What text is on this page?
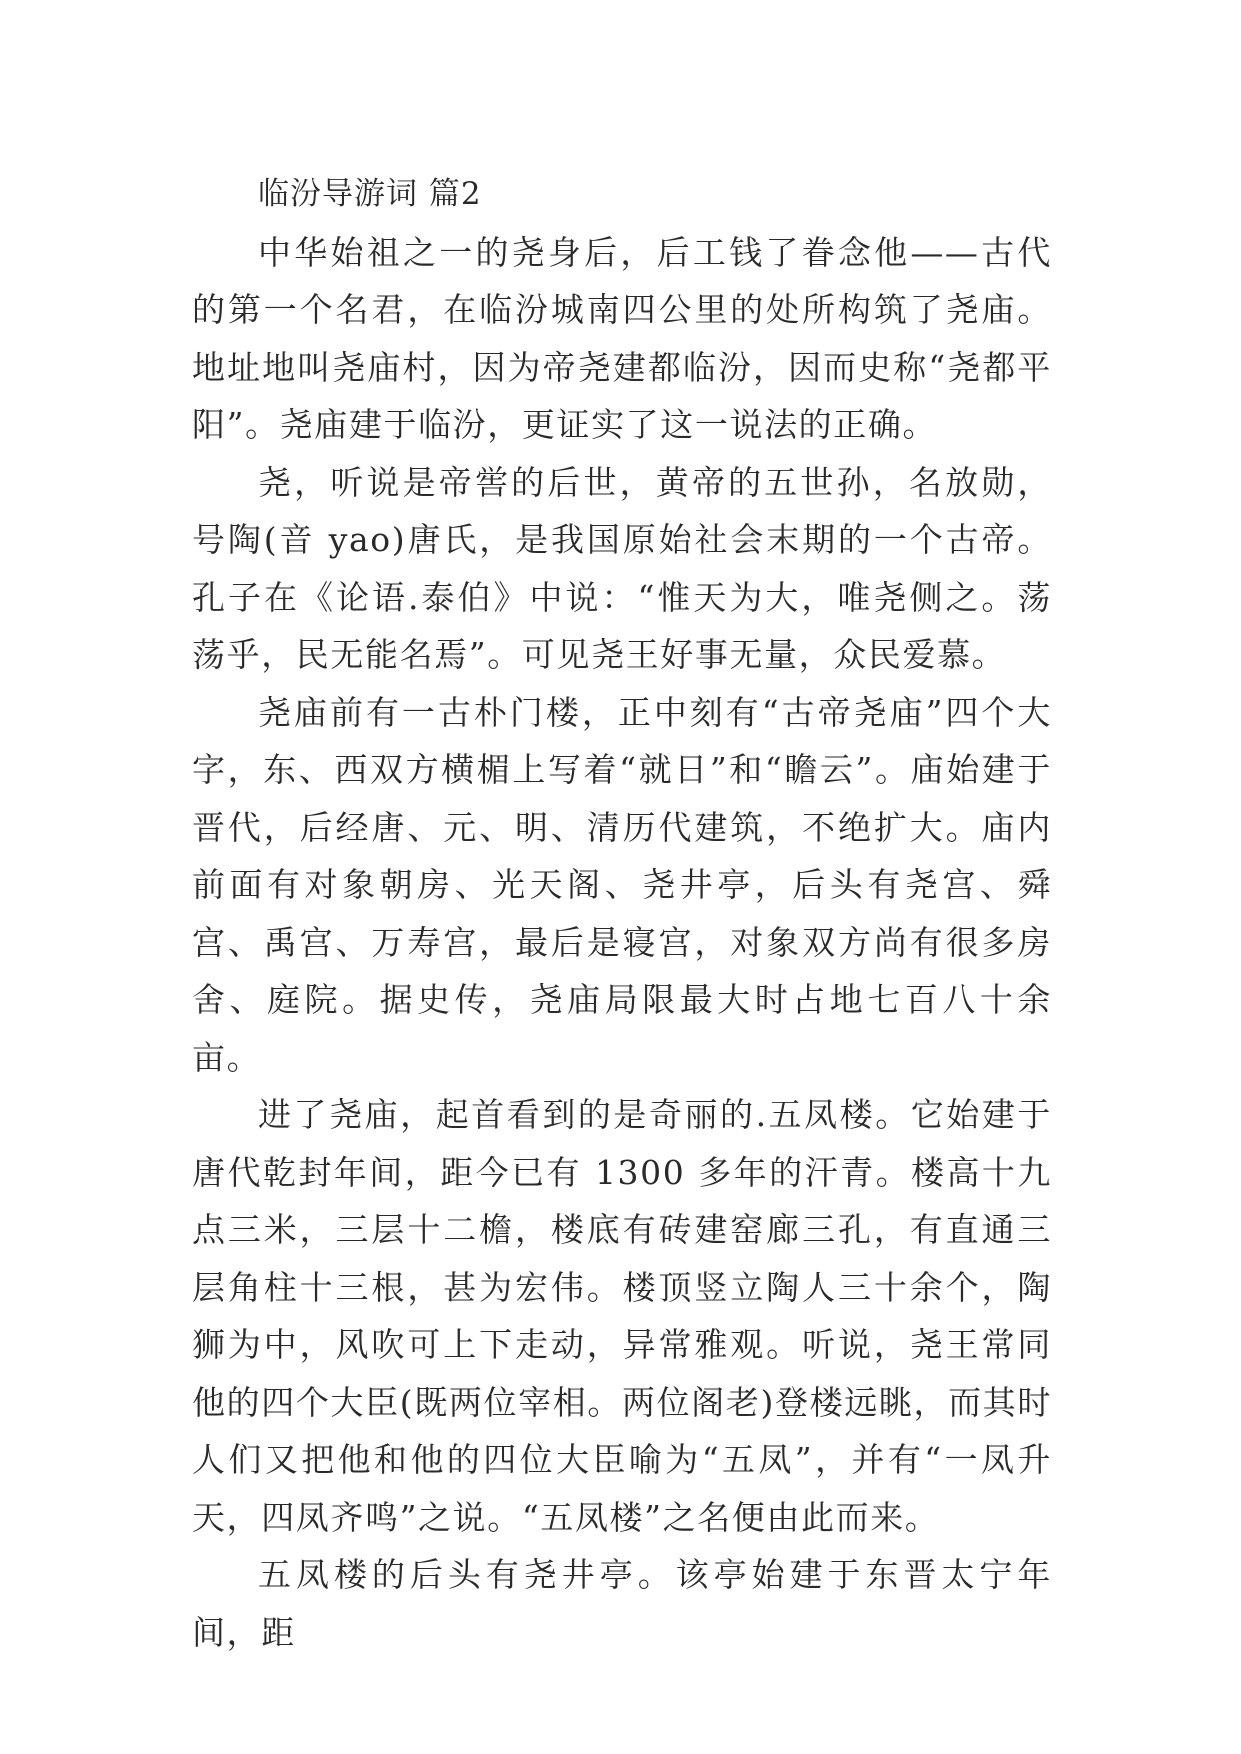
临汾导游词 篇2

中华始祖之一的尧身后，后工钱了眷念他——古代的第一个名君，在临汾城南四公里的处所构筑了尧庙。地址地叫尧庙村，因为帝尧建都临汾，因而史称“尧都平阳”。尧庙建于临汾，更证实了这一说法的正确。

尧，听说是帝喾的后世，黄帝的五世孙，名放勋，号陶(音 yao)唐氏，是我国原始社会末期的一个古帝。孔子在《论语.泰伯》中说：“惟天为大，唯尧侧之。荡荡乎，民无能名焉”。可见尧王好事无量，众民爱慕。

尧庙前有一古朴门楼，正中刻有“古帝尧庙”四个大字，东、西双方横楣上写着“就日”和“瞻云”。庙始建于晋代，后经唐、元、明、清历代建筑，不绝扩大。庙内前面有对象朝房、光天阁、尧井亭，后头有尧宫、舜宫、禹宫、万寿宫，最后是寝宫，对象双方尚有很多房舍、庭院。据史传，尧庙局限最大时占地七百八十余亩。

进了尧庙，起首看到的是奇丽的.五凤楼。它始建于唐代乾封年间，距今已有 1300 多年的汗青。楼高十九点三米，三层十二檐，楼底有砖建窑廊三孔，有直通三层角柱十三根，甚为宏伟。楼顶竖立陶人三十余个，陶狮为中，风吹可上下走动，异常雅观。听说，尧王常同他的四个大臣(既两位宰相。两位阁老)登楼远眺，而其时人们又把他和他的四位大臣喻为“五凤”，并有“一凤升天，四凤齐鸣”之说。“五凤楼”之名便由此而来。

五凤楼的后头有尧井亭。该亭始建于东晋太宁年间，距
